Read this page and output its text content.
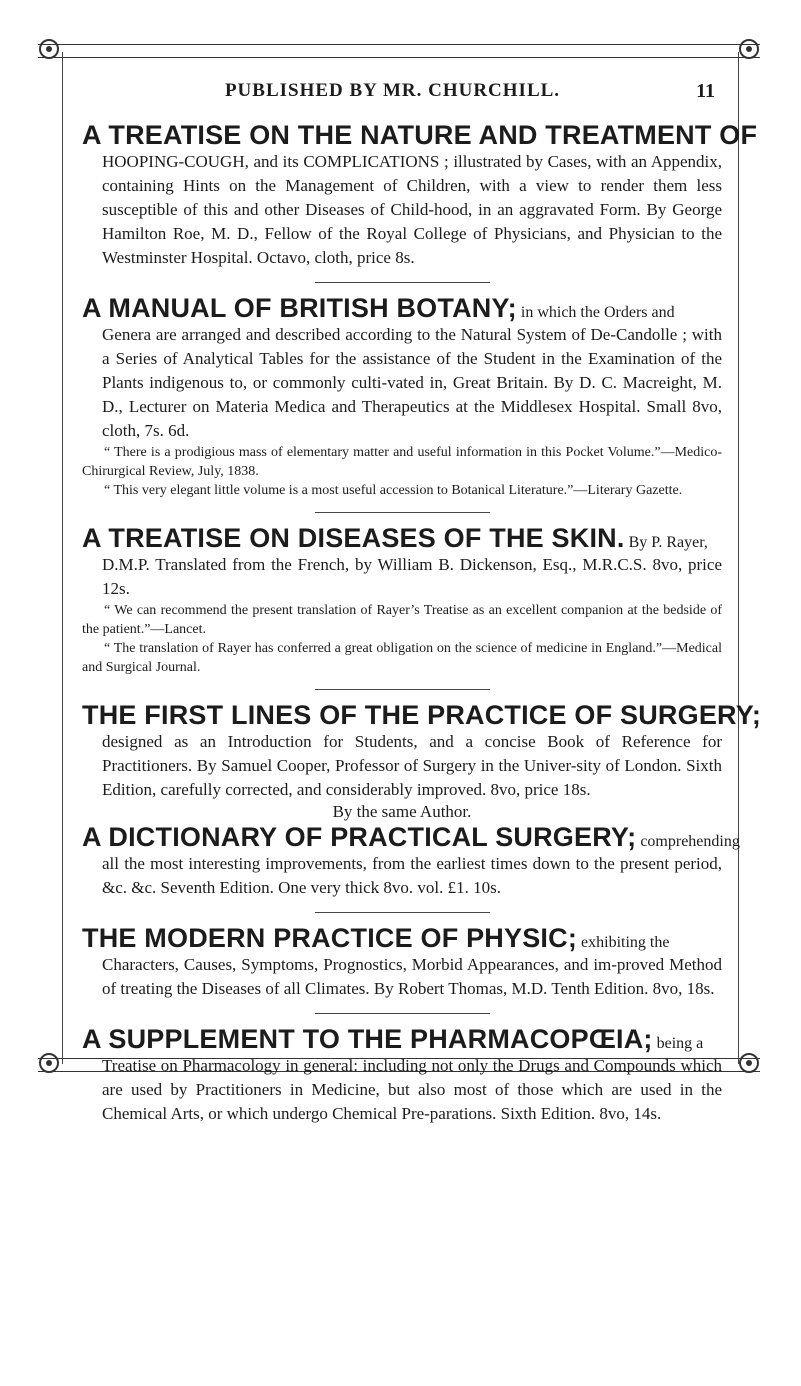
PUBLISHED BY MR. CHURCHILL.	11
A TREATISE ON THE NATURE AND TREATMENT OF

HOOPING-COUGH, and its COMPLICATIONS ; illustrated by Cases, with an Appendix, containing Hints on the Management of Children, with a view to render them less susceptible of this and other Diseases of Child-hood, in an aggravated Form. By George Hamilton Roe, M. D., Fellow of the Royal College of Physicians, and Physician to the Westminster Hospital. Octavo, cloth, price 8s.

A MANUAL OF BRITISH BOTANY; in which the Orders and

Genera are arranged and described according to the Natural System of De-Candolle ; with a Series of Analytical Tables for the assistance of the Student in the Examination of the Plants indigenous to, or commonly culti-vated in, Great Britain. By D. C. Macreight, M. D., Lecturer on Materia Medica and Therapeutics at the Middlesex Hospital. Small 8vo, cloth, 7s. 6d.

“ There is a prodigious mass of elementary matter and useful information in this Pocket Volume.”—Medico-Chirurgical Review, July, 1838.

“ This very elegant little volume is a most useful accession to Botanical Literature.”—Literary Gazette.

A TREATISE ON DISEASES OF THE SKIN. By P. Rayer,

D.M.P. Translated from the French, by William B. Dickenson, Esq., M.R.C.S. 8vo, price 12s.

“ We can recommend the present translation of Rayer’s Treatise as an excellent companion at the bedside of the patient.”—Lancet.

“ The translation of Rayer has conferred a great obligation on the science of medicine in England.”—Medical and Surgical Journal.

THE FIRST LINES OF THE PRACTICE OF SURGERY;

designed as an Introduction for Students, and a concise Book of Reference for Practitioners. By Samuel Cooper, Professor of Surgery in the Univer-sity of London. Sixth Edition, carefully corrected, and considerably improved. 8vo, price 18s.

By the same Author.

A DICTIONARY OF PRACTICAL SURGERY; comprehending

all the most interesting improvements, from the earliest times down to the present period, &c. &c. Seventh Edition. One very thick 8vo. vol. £1. 10s.

THE MODERN PRACTICE OF PHYSIC; exhibiting the

Characters, Causes, Symptoms, Prognostics, Morbid Appearances, and im-proved Method of treating the Diseases of all Climates. By Robert Thomas, M.D. Tenth Edition. 8vo, 18s.

A SUPPLEMENT TO THE PHARMACOPŒIA; being a

Treatise on Pharmacology in general: including not only the Drugs and Compounds which are used by Practitioners in Medicine, but also most of those which are used in the Chemical Arts, or which undergo Chemical Pre-parations. Sixth Edition. 8vo, 14s.
